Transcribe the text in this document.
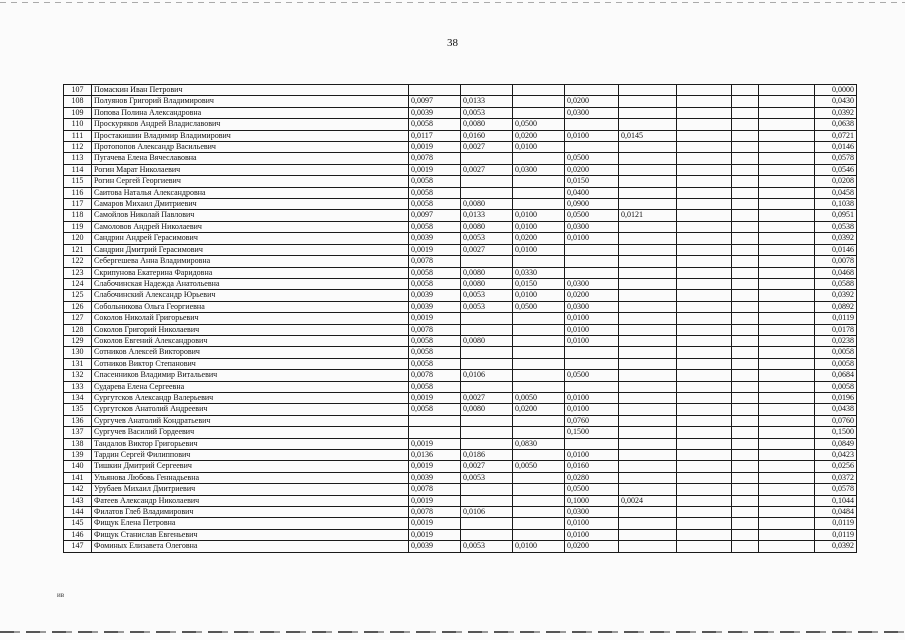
38
107	Помаскин Иван Петрович									0,0000
108	Полуянов Григорий Владимирович	0,0097	0,0133		0,0200					0,0430
109	Попова Полина Александровна	0,0039	0,0053		0,0300					0,0392
110	Проскуряков Андрей Владиславович	0,0058	0,0080	0,0500						0,0638
111	Простакишин Владимир Владимирович	0,0117	0,0160	0,0200	0,0100	0,0145				0,0721
112	Протопопов Александр Васильевич	0,0019	0,0027	0,0100						0,0146
113	Пугачева Елена Вячеславовна	0,0078			0,0500					0,0578
114	Рогин Марат Николаевич	0,0019	0,0027	0,0300	0,0200					0,0546
115	Рогин Сергей Георгиевич	0,0058			0,0150					0,0208
116	Саитова Наталья Александровна	0,0058			0,0400					0,0458
117	Самаров Михаил Дмитриевич	0,0058	0,0080		0,0900					0,1038
118	Самойлов Николай Павлович	0,0097	0,0133	0,0100	0,0500	0,0121				0,0951
119	Самоловов Андрей Николаевич	0,0058	0,0080	0,0100	0,0300					0,0538
120	Сандрин Андрей Герасимович	0,0039	0,0053	0,0200	0,0100					0,0392
121	Сандрин Дмитрий Герасимович	0,0019	0,0027	0,0100						0,0146
122	Себергешева Анна Владимировна	0,0078								0,0078
123	Скрипунова Екатерина Фаридовна	0,0058	0,0080	0,0330						0,0468
124	Слабочинская Надежда Анатольевна	0,0058	0,0080	0,0150	0,0300					0,0588
125	Слабочинский Александр Юрьевич	0,0039	0,0053	0,0100	0,0200					0,0392
126	Собольникова Ольга Георгиевна	0,0039	0,0053	0,0500	0,0300					0,0892
127	Соколов Николай Григорьевич	0,0019			0,0100					0,0119
128	Соколов Григорий Николаевич	0,0078			0,0100					0,0178
129	Соколов Евгений Александрович	0,0058	0,0080		0,0100					0,0238
130	Сотников Алексей Викторович	0,0058								0,0058
131	Сотников Виктор Степанович	0,0058								0,0058
132	Спасенников Владимир Витальевич	0,0078	0,0106		0,0500					0,0684
133	Сударева Елена Сергеевна	0,0058								0,0058
134	Сургутсков Александр Валерьевич	0,0019	0,0027	0,0050	0,0100					0,0196
135	Сургутсков Анатолий Андреевич	0,0058	0,0080	0,0200	0,0100					0,0438
136	Сургучев Анатолий Кондратьевич				0,0760					0,0760
137	Сургучев Василий Гордеевич				0,1500					0,1500
138	Тандалов Виктор Григорьевич	0,0019		0,0830						0,0849
139	Тардин Сергей Филиппович	0,0136	0,0186		0,0100					0,0423
140	Тишкин Дмитрий Сергеевич	0,0019	0,0027	0,0050	0,0160					0,0256
141	Ульянова Любовь Геннадьевна	0,0039	0,0053		0,0280					0,0372
142	Урубаев Михаил Дмитриевич	0,0078			0,0500					0,0578
143	Фатеев Александр Николаевич	0,0019			0,1000	0,0024				0,1044
144	Филатов Глеб Владимирович	0,0078	0,0106		0,0300					0,0484
145	Фищук Елена Петровна	0,0019			0,0100					0,0119
146	Фищук Станислав Евгеньевич	0,0019			0,0100					0,0119
147	Фоминых Елизавета Олеговна	0,0039	0,0053	0,0100	0,0200					0,0392
ив
